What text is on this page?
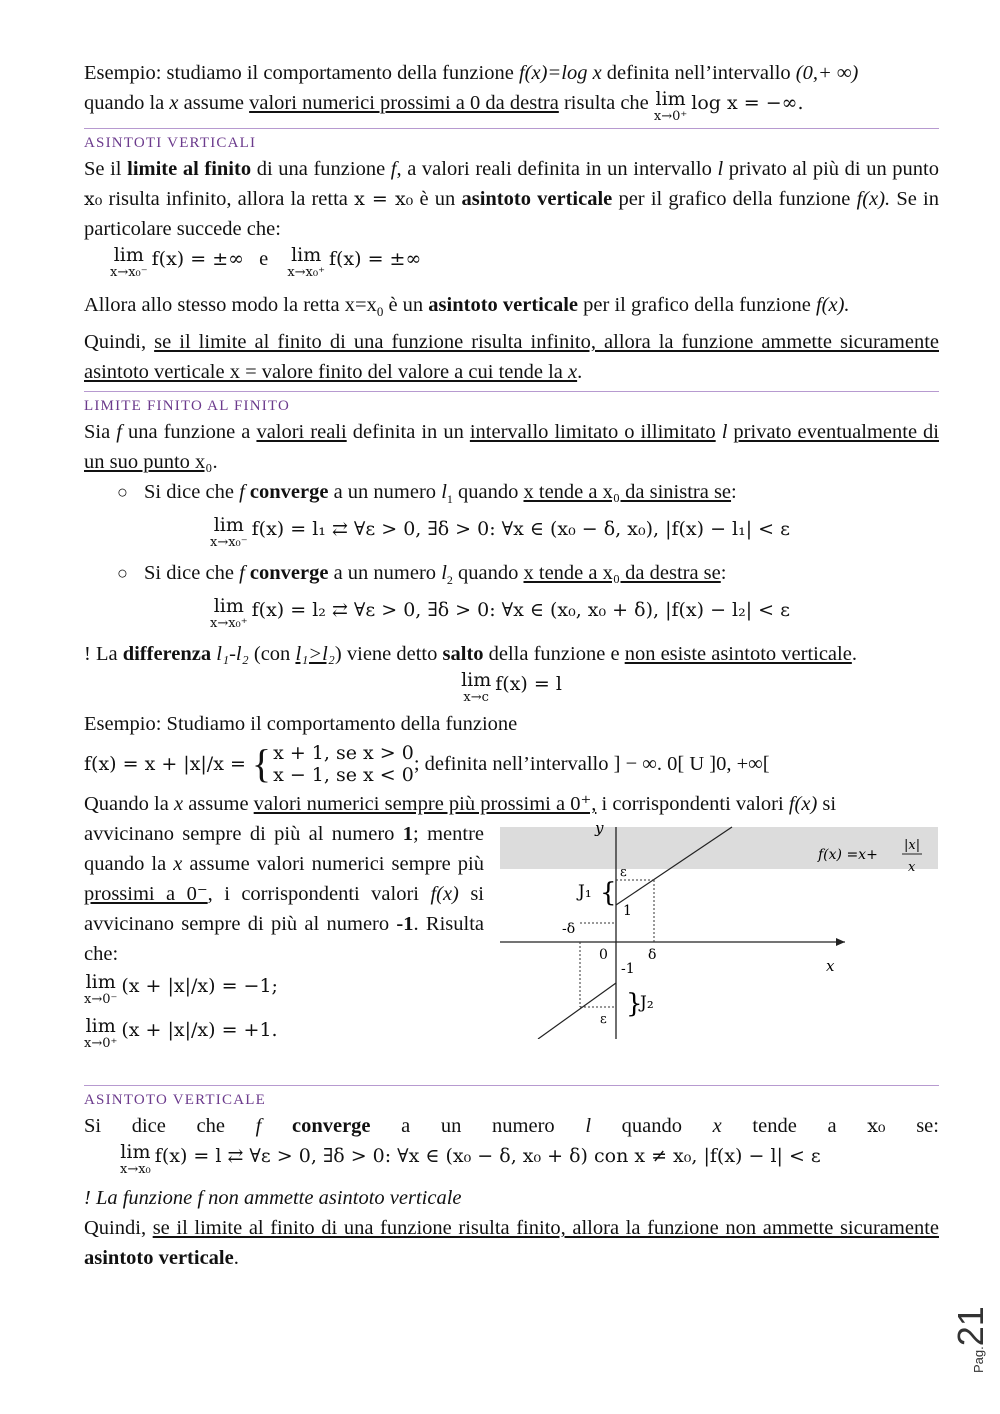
Esempio: studiamo il comportamento della funzione f(x)=log x definita nell’intervallo (0,+ ∞)
quando la x assume valori numerici prossimi a 0 da destra risulta che lim
x→0⁺
log x = −∞.

ASINTOTI VERTICALI

Se il limite al finito di una funzione f, a valori reali definita in un intervallo l privato al più di un punto x₀ risulta infinito, allora la retta x = x₀ è un asintoto verticale per il grafico della funzione f(x). Se in particolare succede che:

lim
x→x₀⁻
f(x) = ±∞ e lim
x→x₀⁺
f(x) = ±∞

Allora allo stesso modo la retta $x=x_0$ è un asintoto verticale per il grafico della funzione f(x).

Quindi, se il limite al finito di una funzione risulta infinito, allora la funzione ammette sicuramente asintoto verticale x = valore finito del valore a cui tende la x.

LIMITE FINITO AL FINITO

Sia f una funzione a valori reali definita in un intervallo limitato o illimitato l privato eventualmente di un suo punto x₀.

○ Si dice che f converge a un numero $l_1$ quando x tende a x₀ da sinistra se:

lim
x→x₀⁻
f(x) = l₁ ⇄ ∀ε > 0, ∃δ > 0: ∀x ∈ (x₀ − δ, x₀), |f(x) − l₁| < ε

○ Si dice che f converge a un numero $l_2$ quando x tende a x₀ da destra se:

lim
x→x₀⁺
f(x) = l₂ ⇄ ∀ε > 0, ∃δ > 0: ∀x ∈ (x₀, x₀ + δ), |f(x) − l₂| < ε

! La differenza l₁-l₂ (con l₁>l₂) viene detto salto della funzione e non esiste asintoto verticale.

lim
x→c
f(x) = l

Esempio: Studiamo il comportamento della funzione

f(x) = x + |x|/x = { x + 1, se x > 0
x − 1, se x < 0 ; definita nell’intervallo ] − ∞. 0[ U ]0, +∞[

Quando la x assume valori numerici sempre più prossimi a 0⁺, i corrispondenti valori f(x) si

avvicinano sempre di più al numero 1; mentre quando la x assume valori numerici sempre più prossimi a 0⁻, i corrispondenti valori f(x) si avvicinano sempre di più al numero -1. Risulta che:

lim
x→0⁻
(x + |x|/x) = −1;

lim
x→0⁺
(x + |x|/x) = +1.

y
x
ε
ε
J₁ {
}
J₂
1
-1
δ
-δ
0
f(x) =x+
|x|
x
ASINTOTO VERTICALE

Si dice che f converge a un numero l quando x tende a x₀ se:

lim
x→x₀
f(x) = l ⇄ ∀ε > 0, ∃δ > 0: ∀x ∈ (x₀ − δ, x₀ + δ) con x ≠ x₀, |f(x) − l| < ε

! La funzione f non ammette asintoto verticale

Quindi, se il limite al finito di una funzione risulta finito, allora la funzione non ammette sicuramente asintoto verticale.

Pag.21
